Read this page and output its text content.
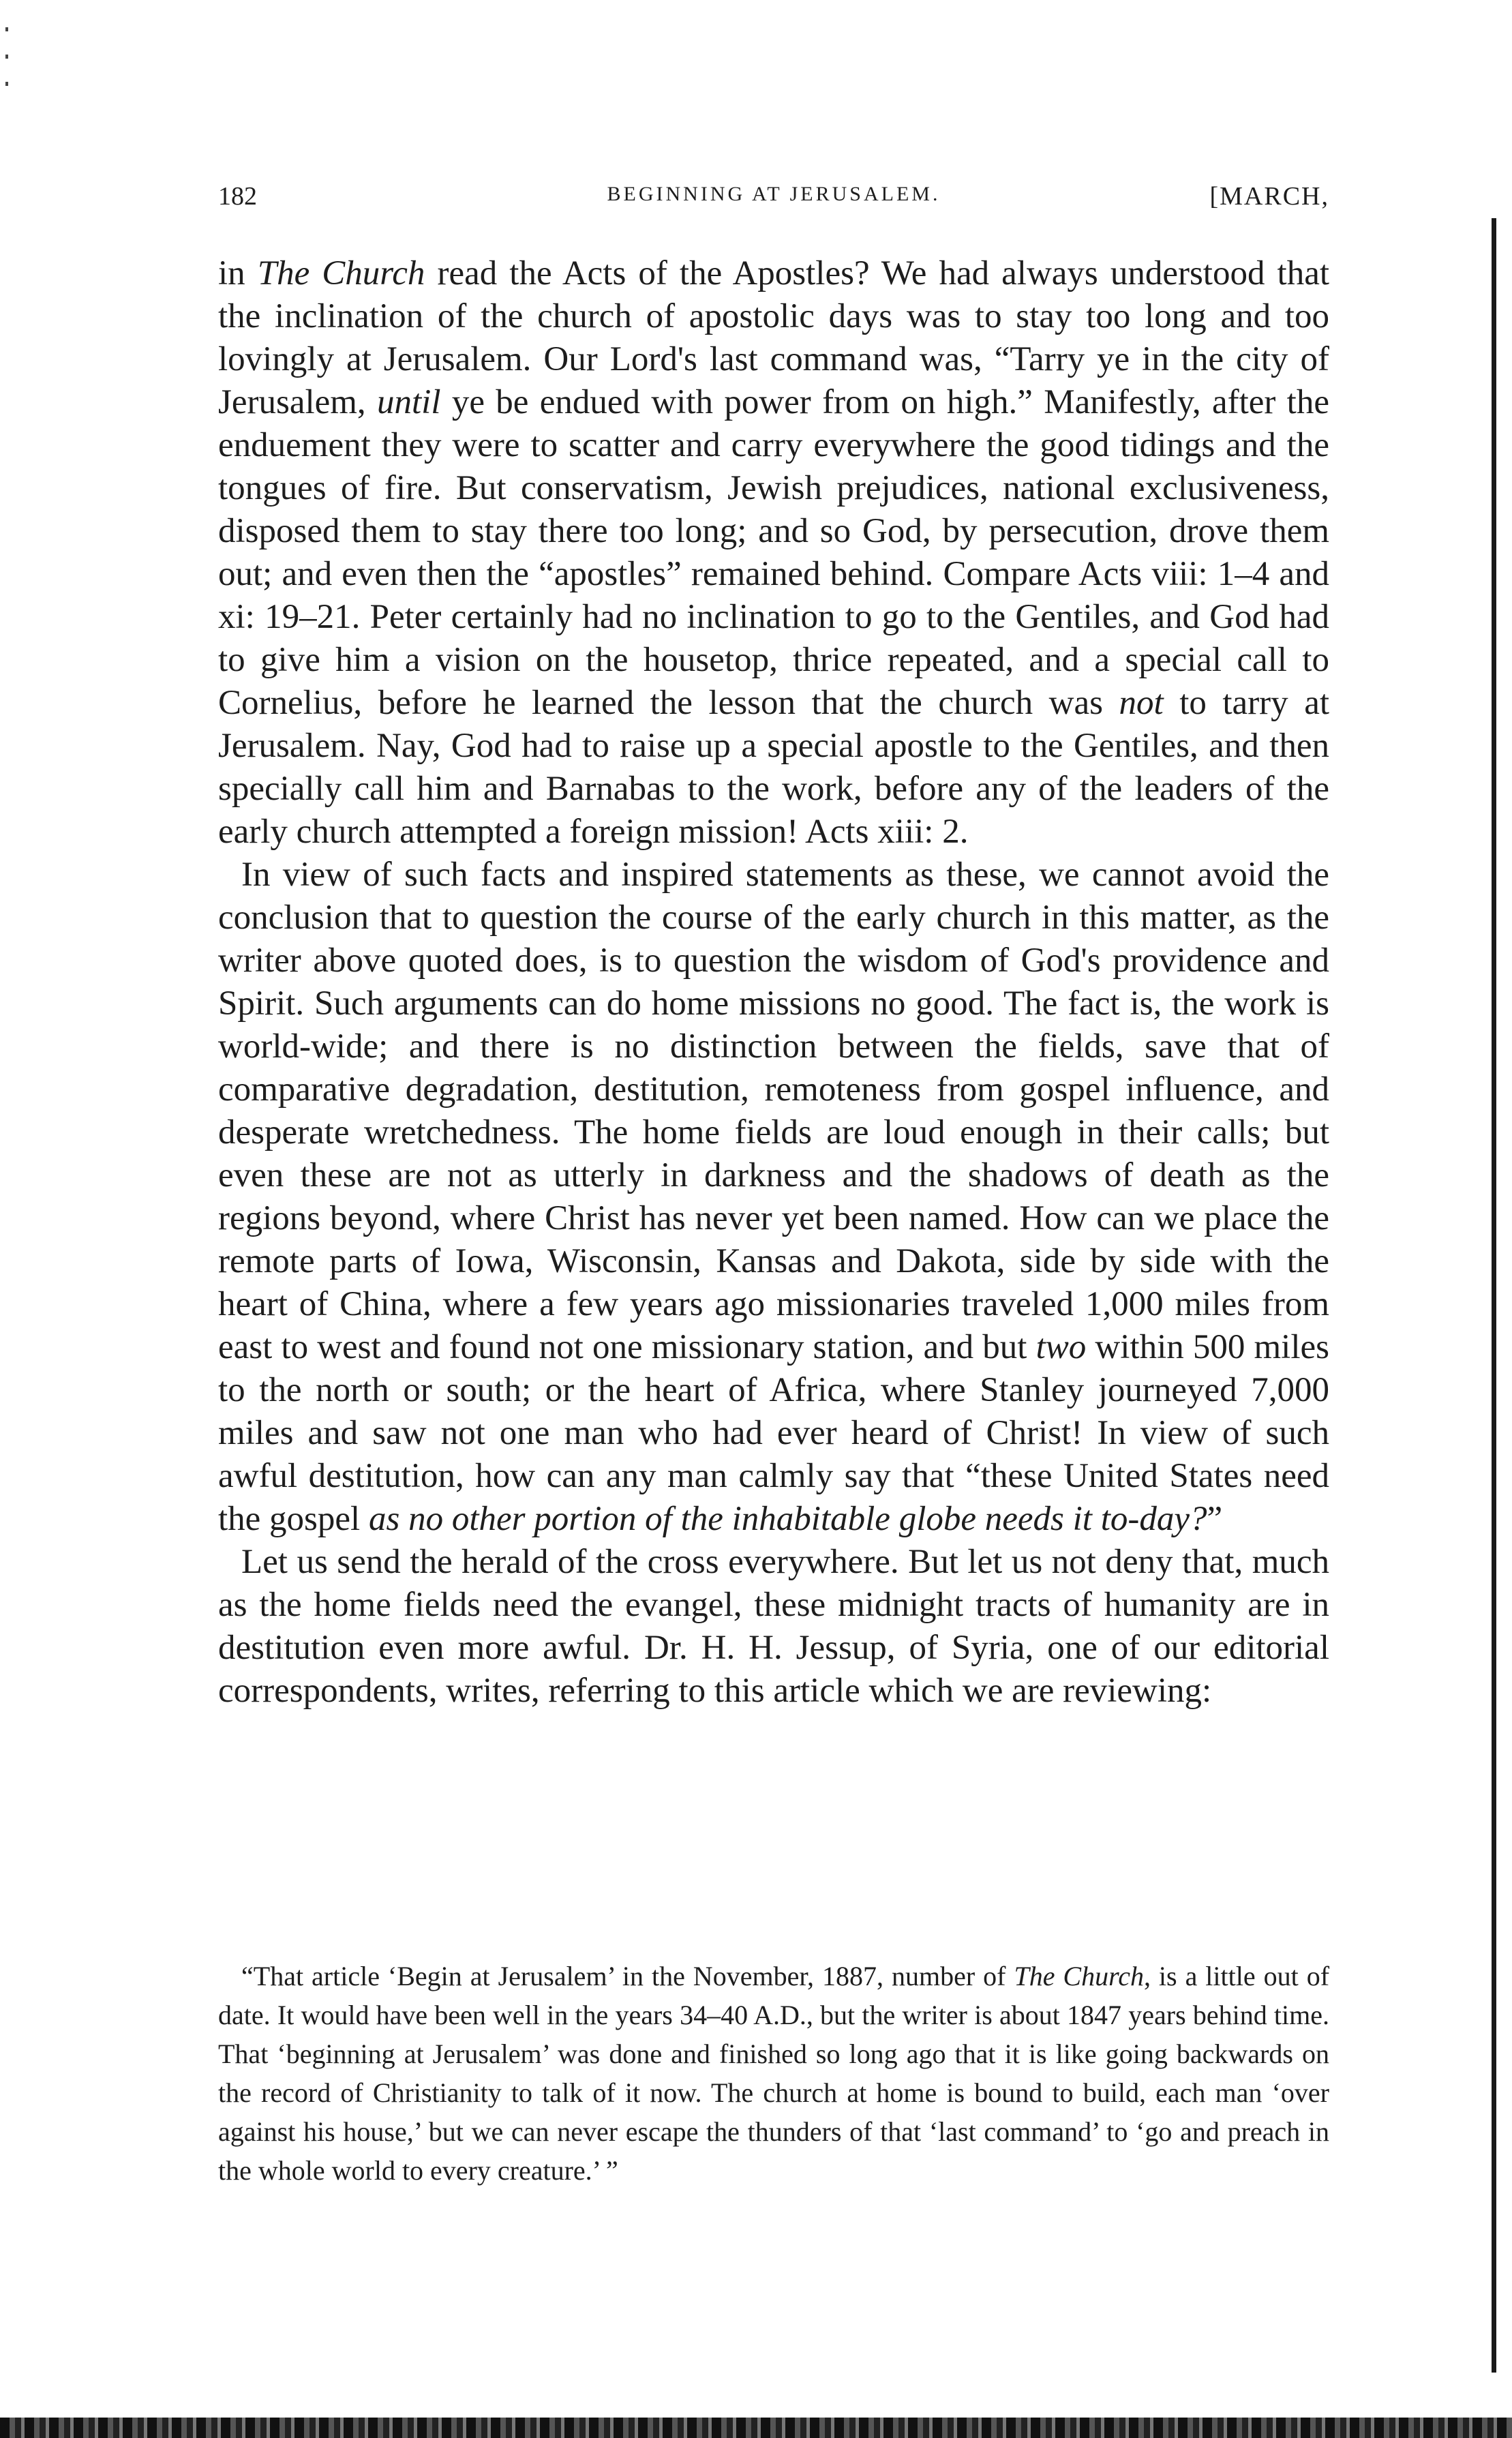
182	BEGINNING AT JERUSALEM.	[MARCH,

in The Church read the Acts of the Apostles? We had always understood that the inclination of the church of apostolic days was to stay too long and too lovingly at Jerusalem. Our Lord's last command was, “Tarry ye in the city of Jerusalem, until ye be endued with power from on high.” Manifestly, after the enduement they were to scatter and carry everywhere the good tidings and the tongues of fire. But conservatism, Jewish prejudices, national exclusiveness, disposed them to stay there too long; and so God, by persecution, drove them out; and even then the “apostles” remained behind. Compare Acts viii: 1–4 and xi: 19–21. Peter certainly had no inclination to go to the Gentiles, and God had to give him a vision on the housetop, thrice repeated, and a special call to Cornelius, before he learned the lesson that the church was not to tarry at Jerusalem. Nay, God had to raise up a special apostle to the Gentiles, and then specially call him and Barnabas to the work, before any of the leaders of the early church attempted a foreign mission! Acts xiii: 2.

In view of such facts and inspired statements as these, we cannot avoid the conclusion that to question the course of the early church in this matter, as the writer above quoted does, is to question the wisdom of God's providence and Spirit. Such arguments can do home missions no good. The fact is, the work is world-wide; and there is no distinction between the fields, save that of comparative degradation, destitution, remoteness from gospel influence, and desperate wretchedness. The home fields are loud enough in their calls; but even these are not as utterly in darkness and the shadows of death as the regions beyond, where Christ has never yet been named. How can we place the remote parts of Iowa, Wisconsin, Kansas and Dakota, side by side with the heart of China, where a few years ago missionaries traveled 1,000 miles from east to west and found not one missionary station, and but two within 500 miles to the north or south; or the heart of Africa, where Stanley journeyed 7,000 miles and saw not one man who had ever heard of Christ! In view of such awful destitution, how can any man calmly say that “these United States need the gospel as no other portion of the inhabitable globe needs it to-day?”

Let us send the herald of the cross everywhere. But let us not deny that, much as the home fields need the evangel, these midnight tracts of humanity are in destitution even more awful. Dr. H. H. Jessup, of Syria, one of our editorial correspondents, writes, referring to this article which we are reviewing:

“That article ‘Begin at Jerusalem’ in the November, 1887, number of The Church, is a little out of date. It would have been well in the years 34–40 A.D., but the writer is about 1847 years behind time. That ‘beginning at Jerusalem’ was done and finished so long ago that it is like going backwards on the record of Christianity to talk of it now. The church at home is bound to build, each man ‘over against his house,’ but we can never escape the thunders of that ‘last command’ to ‘go and preach in the whole world to every creature.’ ”
